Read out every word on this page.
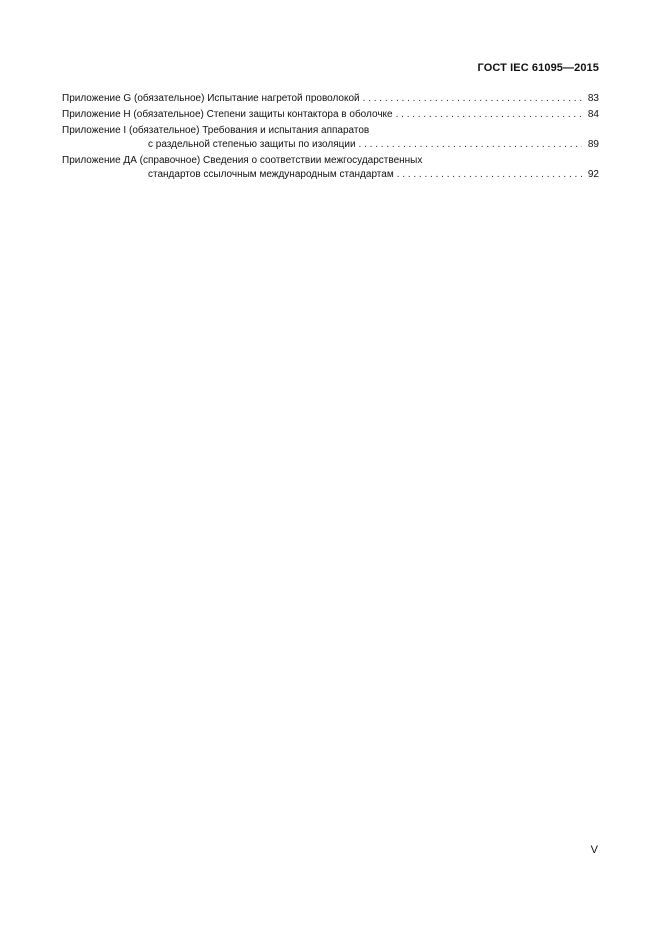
ГОСТ IEC 61095—2015
Приложение G (обязательное) Испытание нагретой проволокой . . .	83
Приложение H (обязательное) Степени защиты контактора в оболочке . . .	84
Приложение I (обязательное) Требования и испытания аппаратов
с раздельной степенью защиты по изоляции . . .	89
Приложение ДА (справочное) Сведения о соответствии межгосударственных
стандартов ссылочным международным стандартам . . .	92
V
